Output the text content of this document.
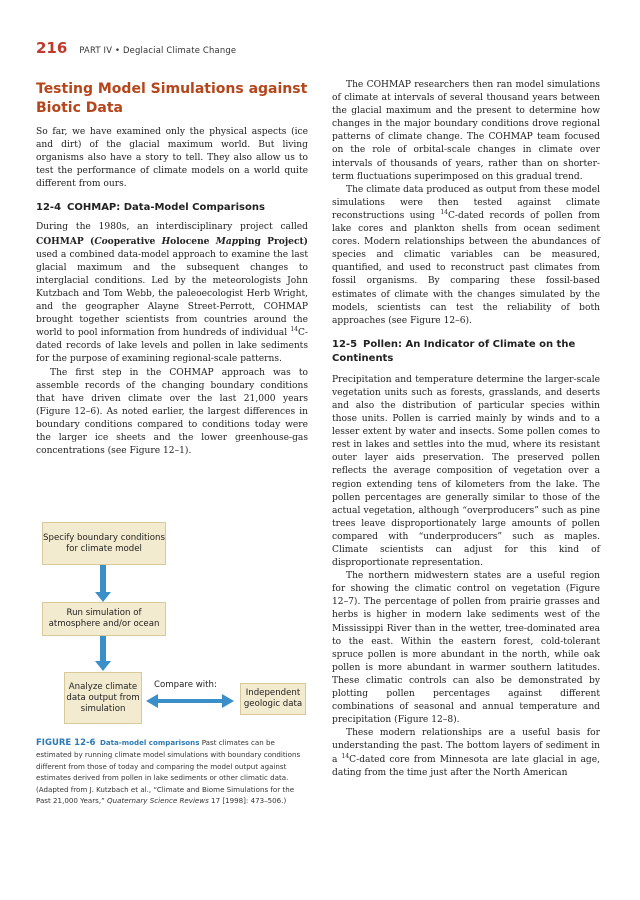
216 PART IV • Deglacial Climate Change
Testing Model Simulations against
Biotic Data

So far, we have examined only the physical aspects (ice and dirt) of the glacial maximum world. But living organisms also have a story to tell. They also allow us to test the performance of climate models on a world quite different from ours.

12-4 COHMAP: Data-Model Comparisons

During the 1980s, an interdisciplinary project called COHMAP (Cooperative Holocene Mapping Project) used a combined data-model approach to examine the last glacial maximum and the subsequent changes to interglacial conditions. Led by the meteorologists John Kutzbach and Tom Webb, the paleoecologist Herb Wright, and the geographer Alayne Street-Perrott, COHMAP brought together scientists from countries around the world to pool information from hundreds of individual $^{14}$C-dated records of lake levels and pollen in lake sediments for the purpose of examining regional-scale patterns.

The first step in the COHMAP approach was to assemble records of the changing boundary conditions that have driven climate over the last 21,000 years (Figure 12–6). As noted earlier, the largest differences in boundary conditions compared to conditions today were the larger ice sheets and the lower greenhouse-gas concentrations (see Figure 12–1).

Specify boundary conditions for climate model
Run simulation of atmosphere and/or ocean
Analyze climate data output from simulation
Independent geologic data
Compare with:
FIGURE 12-6 Data-model comparisons Past climates can be estimated by running climate model simulations with boundary conditions different from those of today and comparing the model output against estimates derived from pollen in lake sediments or other climatic data. (Adapted from J. Kutzbach et al., “Climate and Biome Simulations for the Past 21,000 Years,” Quaternary Science Reviews 17 [1998]: 473–506.)

The COHMAP researchers then ran model simulations of climate at intervals of several thousand years between the glacial maximum and the present to determine how changes in the major boundary conditions drove regional patterns of climate change. The COHMAP team focused on the role of orbital-scale changes in climate over intervals of thousands of years, rather than on shorter-term fluctuations superimposed on this gradual trend.

The climate data produced as output from these model simulations were then tested against climate reconstructions using $^{14}$C-dated records of pollen from lake cores and plankton shells from ocean sediment cores. Modern relationships between the abundances of species and climatic variables can be measured, quantified, and used to reconstruct past climates from fossil organisms. By comparing these fossil-based estimates of climate with the changes simulated by the models, scientists can test the reliability of both approaches (see Figure 12–6).

12-5 Pollen: An Indicator of Climate on the
Continents

Precipitation and temperature determine the larger-scale vegetation units such as forests, grasslands, and deserts and also the distribution of particular species within those units. Pollen is carried mainly by winds and to a lesser extent by water and insects. Some pollen comes to rest in lakes and settles into the mud, where its resistant outer layer aids preservation. The preserved pollen reflects the average composition of vegetation over a region extending tens of kilometers from the lake. The pollen percentages are generally similar to those of the actual vegetation, although “overproducers” such as pine trees leave disproportionately large amounts of pollen compared with “underproducers” such as maples. Climate scientists can adjust for this kind of disproportionate representation.

The northern midwestern states are a useful region for showing the climatic control on vegetation (Figure 12–7). The percentage of pollen from prairie grasses and herbs is higher in modern lake sediments west of the Mississippi River than in the wetter, tree-dominated area to the east. Within the eastern forest, cold-tolerant spruce pollen is more abundant in the north, while oak pollen is more abundant in warmer southern latitudes. These climatic controls can also be demonstrated by plotting pollen percentages against different combinations of seasonal and annual temperature and precipitation (Figure 12–8).

These modern relationships are a useful basis for understanding the past. The bottom layers of sediment in a $^{14}$C-dated core from Minnesota are late glacial in age, dating from the time just after the North American
